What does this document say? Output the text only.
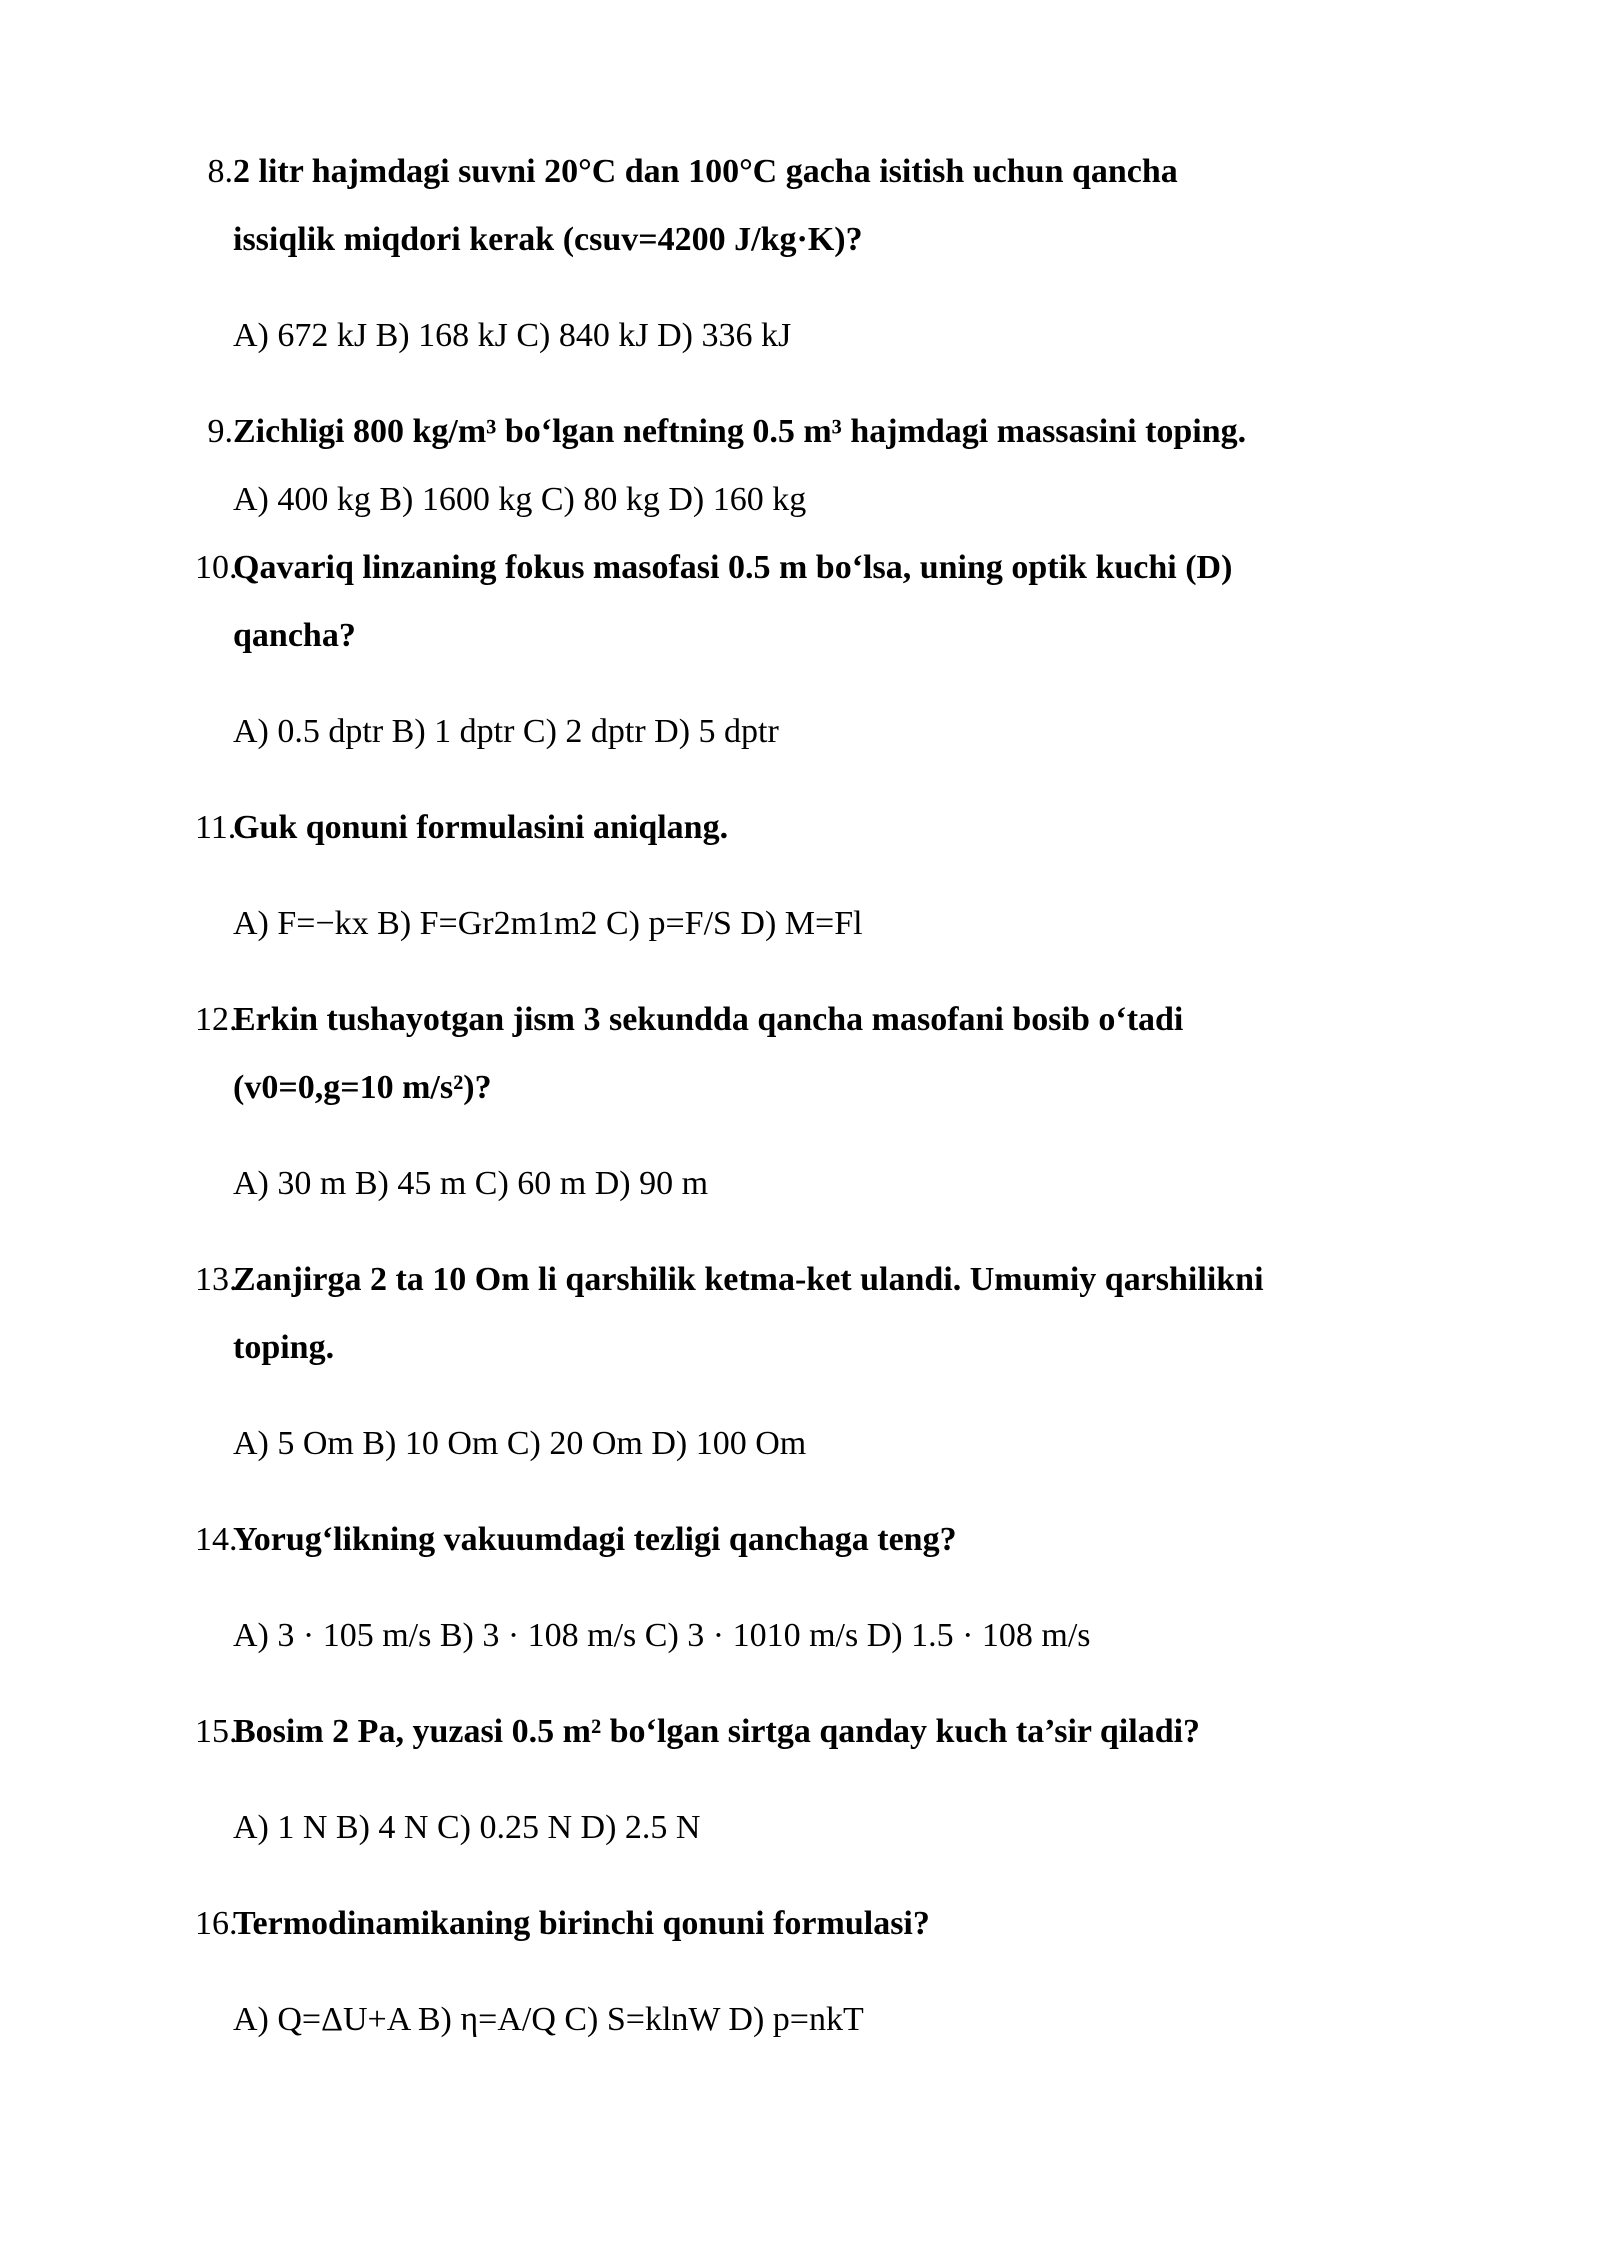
8. 2 litr hajmdagi suvni 20°C dan 100°C gacha isitish uchun qancha
issiqlik miqdori kerak (csuv=4200 J/kg·K)?
A) 672 kJ B) 168 kJ C) 840 kJ D) 336 kJ
9. Zichligi 800 kg/m³ bo‘lgan neftning 0.5 m³ hajmdagi massasini toping.
A) 400 kg B) 1600 kg C) 80 kg D) 160 kg
10.
Qavariq linzaning fokus masofasi 0.5 m bo‘lsa, uning optik kuchi (D)
qancha?
A) 0.5 dptr B) 1 dptr C) 2 dptr D) 5 dptr
11.
Guk qonuni formulasini aniqlang.
A) F=−kx B) F=Gr2m1m2 C) p=F/S D) M=Fl
12.
Erkin tushayotgan jism 3 sekundda qancha masofani bosib o‘tadi
(v0=0,g=10 m/s²)?
A) 30 m B) 45 m C) 60 m D) 90 m
13.
Zanjirga 2 ta 10 Om li qarshilik ketma-ket ulandi. Umumiy qarshilikni
toping.
A) 5 Om B) 10 Om C) 20 Om D) 100 Om
14.
Yorug‘likning vakuumdagi tezligi qanchaga teng?
A) 3 · 105 m/s B) 3 · 108 m/s C) 3 · 1010 m/s D) 1.5 · 108 m/s
15.
Bosim 2 Pa, yuzasi 0.5 m² bo‘lgan sirtga qanday kuch ta’sir qiladi?
A) 1 N B) 4 N C) 0.25 N D) 2.5 N
16.
Termodinamikaning birinchi qonuni formulasi?
A) Q=ΔU+A B) η=A/Q C) S=klnW D) p=nkT
